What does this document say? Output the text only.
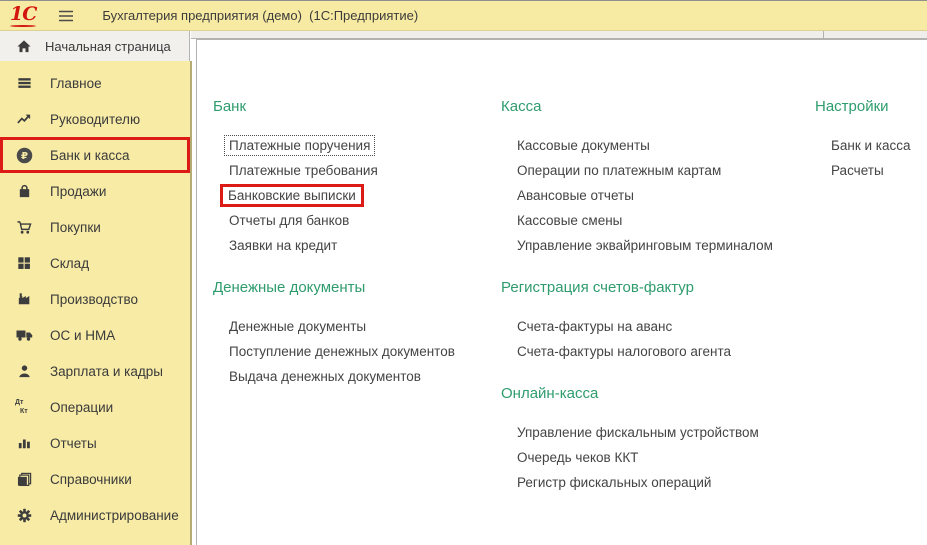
1С	Бухгалтерия предприятия (демо)  (1С:Предприятие)
Начальная страница
Главное
Руководителю
₽ Банк и касса
Продажи
Покупки
Склад
Производство
ОС и НМА
Зарплата и кадры
Дт
Кт Операции
Отчеты
Справочники
Администрирование
Банк
Платежные поручения
Платежные требования
Банковские выписки
Отчеты для банков
Заявки на кредит
Денежные документы
Денежные документы
Поступление денежных документов
Выдача денежных документов
Касса
Кассовые документы
Операции по платежным картам
Авансовые отчеты
Кассовые смены
Управление эквайринговым терминалом
Регистрация счетов-фактур
Счета-фактуры на аванс
Счета-фактуры налогового агента
Онлайн-касса
Управление фискальным устройством
Очередь чеков ККТ
Регистр фискальных операций
Настройки
Банк и касса
Расчеты
